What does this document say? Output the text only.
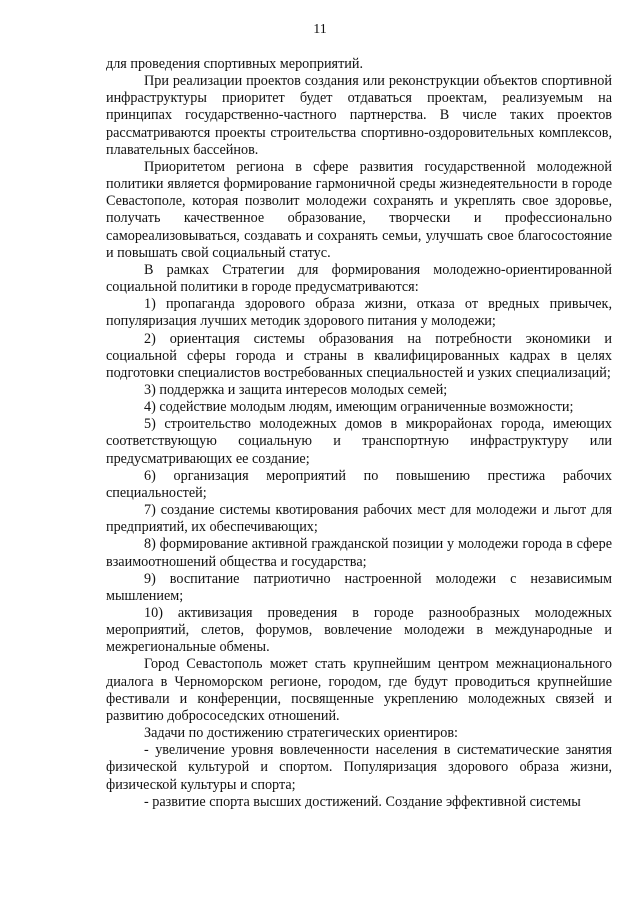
11

для проведения спортивных мероприятий.

При реализации проектов создания или реконструкции объектов спортивной инфраструктуры приоритет будет отдаваться проектам, реализуемым на принципах государственно-частного партнерства. В числе таких проектов рассматриваются проекты строительства спортивно-оздоровительных комплексов, плавательных бассейнов.

Приоритетом региона в сфере развития государственной молодежной политики является формирование гармоничной среды жизнедеятельности в городе Севастополе, которая позволит молодежи сохранять и укреплять свое здоровье, получать качественное образование, творчески и профессионально самореализовываться, создавать и сохранять семьи, улучшать свое благосостояние и повышать свой социальный статус.

В рамках Стратегии для формирования молодежно-ориентированной социальной политики в городе предусматриваются:

1) пропаганда здорового образа жизни, отказа от вредных привычек, популяризация лучших методик здорового питания у молодежи;

2) ориентация системы образования на потребности экономики и социальной сферы города и страны в квалифицированных кадрах в целях подготовки специалистов востребованных специальностей и узких специализаций;

3) поддержка и защита интересов молодых семей;

4) содействие молодым людям, имеющим ограниченные возможности;

5) строительство молодежных домов в микрорайонах города, имеющих соответствующую социальную и транспортную инфраструктуру или предусматривающих ее создание;

6) организация мероприятий по повышению престижа рабочих специальностей;

7) создание системы квотирования рабочих мест для молодежи и льгот для предприятий, их обеспечивающих;

8) формирование активной гражданской позиции у молодежи города в сфере взаимоотношений общества и государства;

9) воспитание патриотично настроенной молодежи с независимым мышлением;

10) активизация проведения в городе разнообразных молодежных мероприятий, слетов, форумов, вовлечение молодежи в международные и межрегиональные обмены.

Город Севастополь может стать крупнейшим центром межнационального диалога в Черноморском регионе, городом, где будут проводиться крупнейшие фестивали и конференции, посвященные укреплению молодежных связей и развитию добрососедских отношений.

Задачи по достижению стратегических ориентиров:

- увеличение уровня вовлеченности населения в систематические занятия физической культурой и спортом. Популяризация здорового образа жизни, физической культуры и спорта;

- развитие спорта высших достижений. Создание эффективной системы
